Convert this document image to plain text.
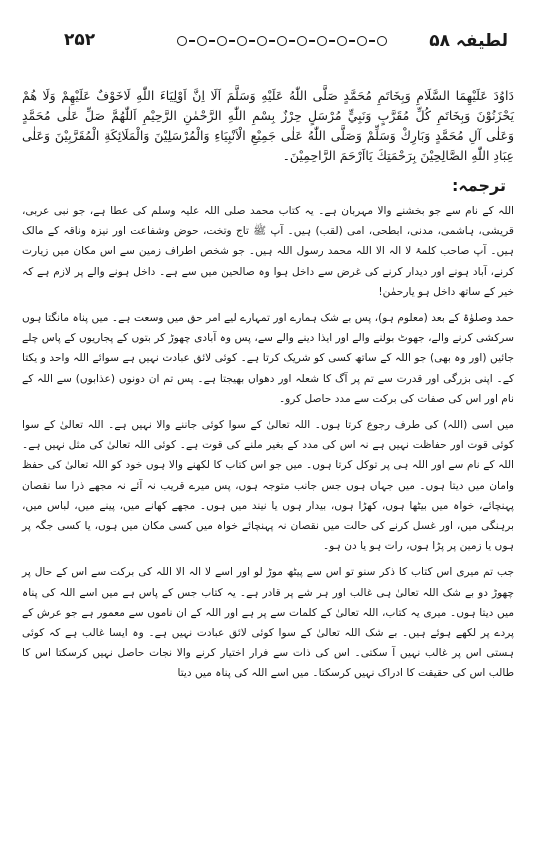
لطیفہ ۵۸
۲۵۲

دَاوُدَ عَلَيْهِمَا السَّلَامِ وَبِخَاتَمِ مُحَمَّدٍ صَلَّى اللّٰهُ عَلَيْهِ وَسَلَّمَ اَلَا اِنَّ اَوْلِيَاءَ اللّٰهِ لَاخَوْفٌ عَلَيْهِمْ وَلَا هُمْ يَحْزَنُوْنَ وَبِخَاتَمِ كُلِّ مُقَرَّبٍ وَنَبِيٍّ مُرْسَلٍ حِرْزٌ بِسْمِ اللّٰهِ الرَّحْمٰنِ الرَّحِيْمِ اَللّٰهُمَّ صَلِّ عَلٰى مُحَمَّدٍ وَعَلٰى آلِ مُحَمَّدٍ وَبَارِكْ وَسَلِّمْ وَصَلَّى اللّٰهُ عَلٰى جَمِيْعِ الْاَنْبِيَاءِ وَالْمُرْسَلِيْنَ وَالْمَلَائِكَةِ الْمُقَرَّبِيْنَ وَعَلٰى عِبَادِ اللّٰهِ الصَّالِحِيْنَ بِرَحْمَتِكَ يَااَرْحَمَ الرَّاحِمِيْنَ۔

ترجمہ:

اللہ کے نام سے جو بخشنے والا مہربان ہے۔ یہ کتاب محمد صلی اللہ علیہ وسلم کی عطا ہے، جو نبی عربی، قریشی، ہاشمی، مدنی، ابطحی، امی (لقب) ہیں۔ آپ ﷺ تاج وتخت، حوض وشفاعت اور نیزہ وناقہ کے مالک ہیں۔ آپ صاحب کلمۂ لا الہ الا اللہ محمد رسول اللہ ہیں۔ جو شخص اطراف زمین سے اس مکان میں زیارت کرنے، آباد ہونے اور دیدار کرنے کی غرض سے داخل ہوا وہ صالحین میں سے ہے۔ داخل ہونے والے پر لازم ہے کہ خیر کے ساتھ داخل ہو یارحمٰن!

حمد وصلوٰۃ کے بعد (معلوم ہو)، پس بے شک ہمارے اور تمہارے لیے امر حق میں وسعت ہے۔ میں پناہ مانگتا ہوں سرکشی کرنے والے، جھوٹ بولنے والے اور ایذا دینے والے سے، پس وہ آبادی چھوڑ کر بتوں کے پجاریوں کے پاس چلے جائیں (اور وہ بھی) جو اللہ کے ساتھ کسی کو شریک کرتا ہے۔ کوئی لائق عبادت نہیں ہے سوائے اللہ واحد و یکتا کے۔ اپنی بزرگی اور قدرت سے تم پر آگ کا شعلہ اور دھواں بھیجتا ہے۔ پس تم ان دونوں (عذابوں) سے اللہ کے نام اور اس کی صفات کی برکت سے مدد حاصل کرو۔

میں اسی (اللہ) کی طرف رجوع کرتا ہوں۔ اللہ تعالیٰ کے سوا کوئی جاننے والا نہیں ہے۔ اللہ تعالیٰ کے سوا کوئی قوت اور حفاظت نہیں ہے نہ اس کی مدد کے بغیر ملنے کی قوت ہے۔ کوئی اللہ تعالیٰ کی مثل نہیں ہے۔ اللہ کے نام سے اور اللہ ہی پر توکل کرتا ہوں۔ میں جو اس کتاب کا لکھنے والا ہوں خود کو اللہ تعالیٰ کی حفظ وامان میں دیتا ہوں۔ میں جہاں ہوں جس جانب متوجہ ہوں، پس میرے قریب نہ آئے نہ مجھے ذرا سا نقصان پہنچائے، خواہ میں بیٹھا ہوں، کھڑا ہوں، بیدار ہوں یا نیند میں ہوں۔ مجھے کھانے میں، پینے میں، لباس میں، برہنگی میں، اور غسل کرنے کی حالت میں نقصان نہ پہنچائے خواہ میں کسی مکان میں ہوں، یا کسی جگہ پر ہوں یا زمین پر پڑا ہوں، رات ہو یا دن ہو۔

جب تم میری اس کتاب کا ذکر سنو تو اس سے پیٹھ موڑ لو اور اسے لا الہ الا اللہ کی برکت سے اس کے حال پر چھوڑ دو بے شک اللہ تعالیٰ ہی غالب اور ہر شے پر قادر ہے۔ یہ کتاب جس کے پاس ہے میں اسے اللہ کی پناہ میں دیتا ہوں۔ میری یہ کتاب، اللہ تعالیٰ کے کلمات سے پر ہے اور اللہ کے ان ناموں سے معمور ہے جو عرش کے پردے پر لکھے ہوئے ہیں۔ بے شک اللہ تعالیٰ کے سوا کوئی لائق عبادت نہیں ہے۔ وہ ایسا غالب ہے کہ کوئی ہستی اس پر غالب نہیں آ سکتی۔ اس کی ذات سے فرار اختیار کرنے والا نجات حاصل نہیں کرسکتا اس کا طالب اس کی حقیقت کا ادراک نہیں کرسکتا۔ میں اسے اللہ کی پناہ میں دیتا
